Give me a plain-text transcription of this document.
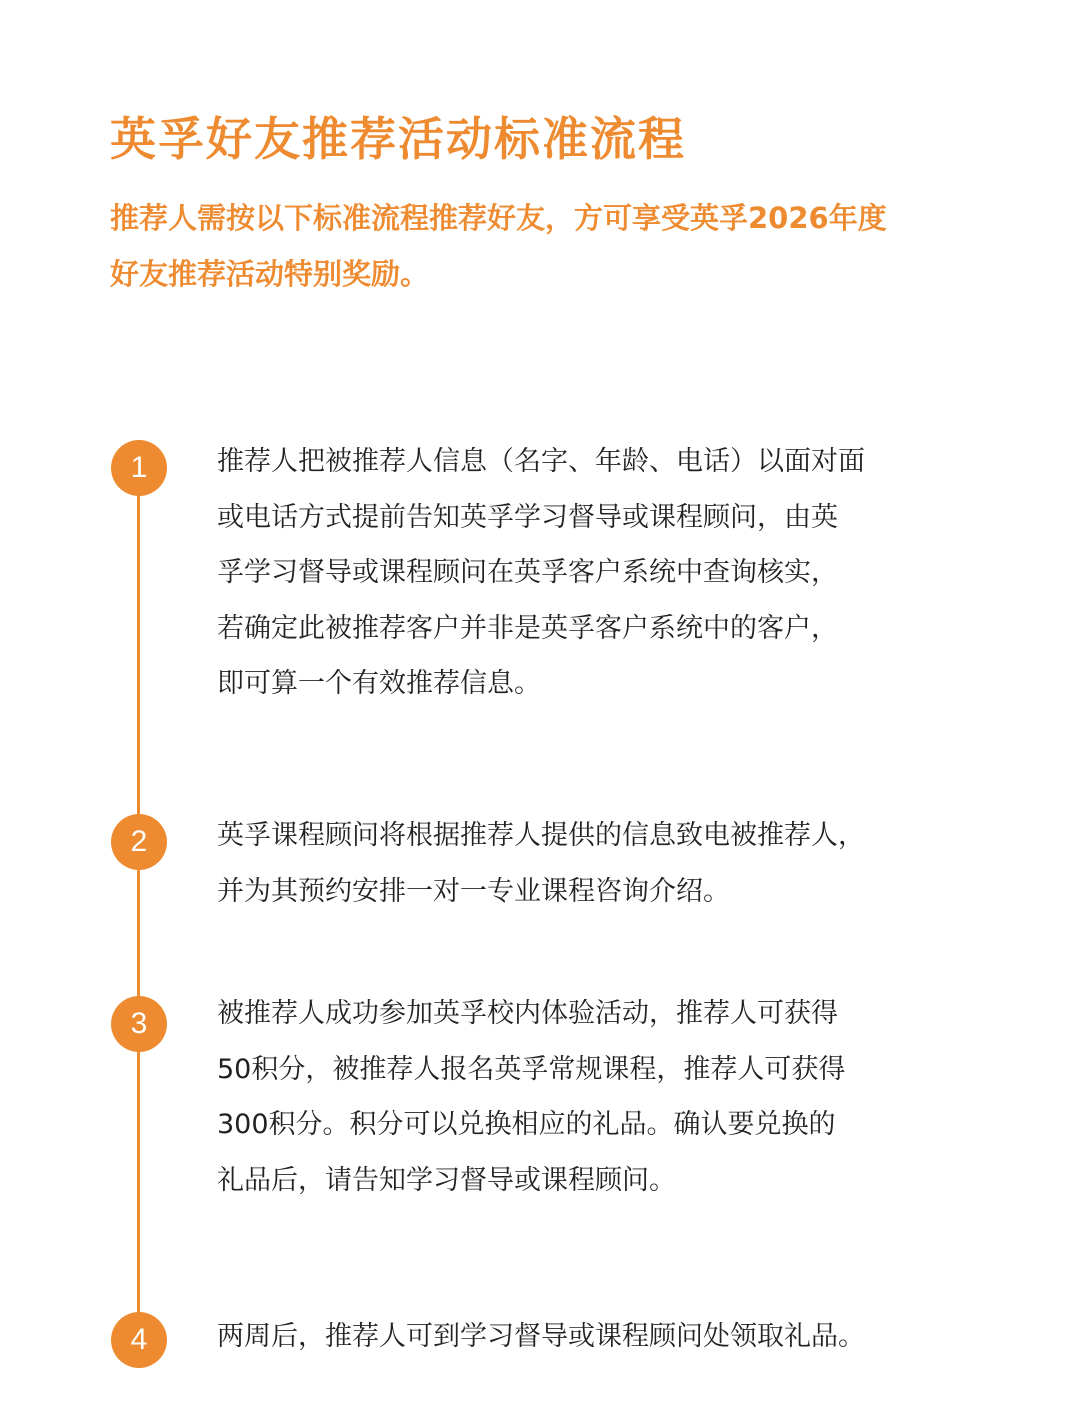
英孚好友推荐活动标准流程
推荐人需按以下标准流程推荐好友，方可享受英孚2026年度
好友推荐活动特别奖励。
1	推荐人把被推荐人信息（名字、年龄、电话）以面对面
或电话方式提前告知英孚学习督导或课程顾问，由英
孚学习督导或课程顾问在英孚客户系统中查询核实，
若确定此被推荐客户并非是英孚客户系统中的客户，
即可算一个有效推荐信息。
2	英孚课程顾问将根据推荐人提供的信息致电被推荐人，
并为其预约安排一对一专业课程咨询介绍。
3	被推荐人成功参加英孚校内体验活动，推荐人可获得
50积分，被推荐人报名英孚常规课程，推荐人可获得
300积分。积分可以兑换相应的礼品。确认要兑换的
礼品后，请告知学习督导或课程顾问。
4	两周后，推荐人可到学习督导或课程顾问处领取礼品。
